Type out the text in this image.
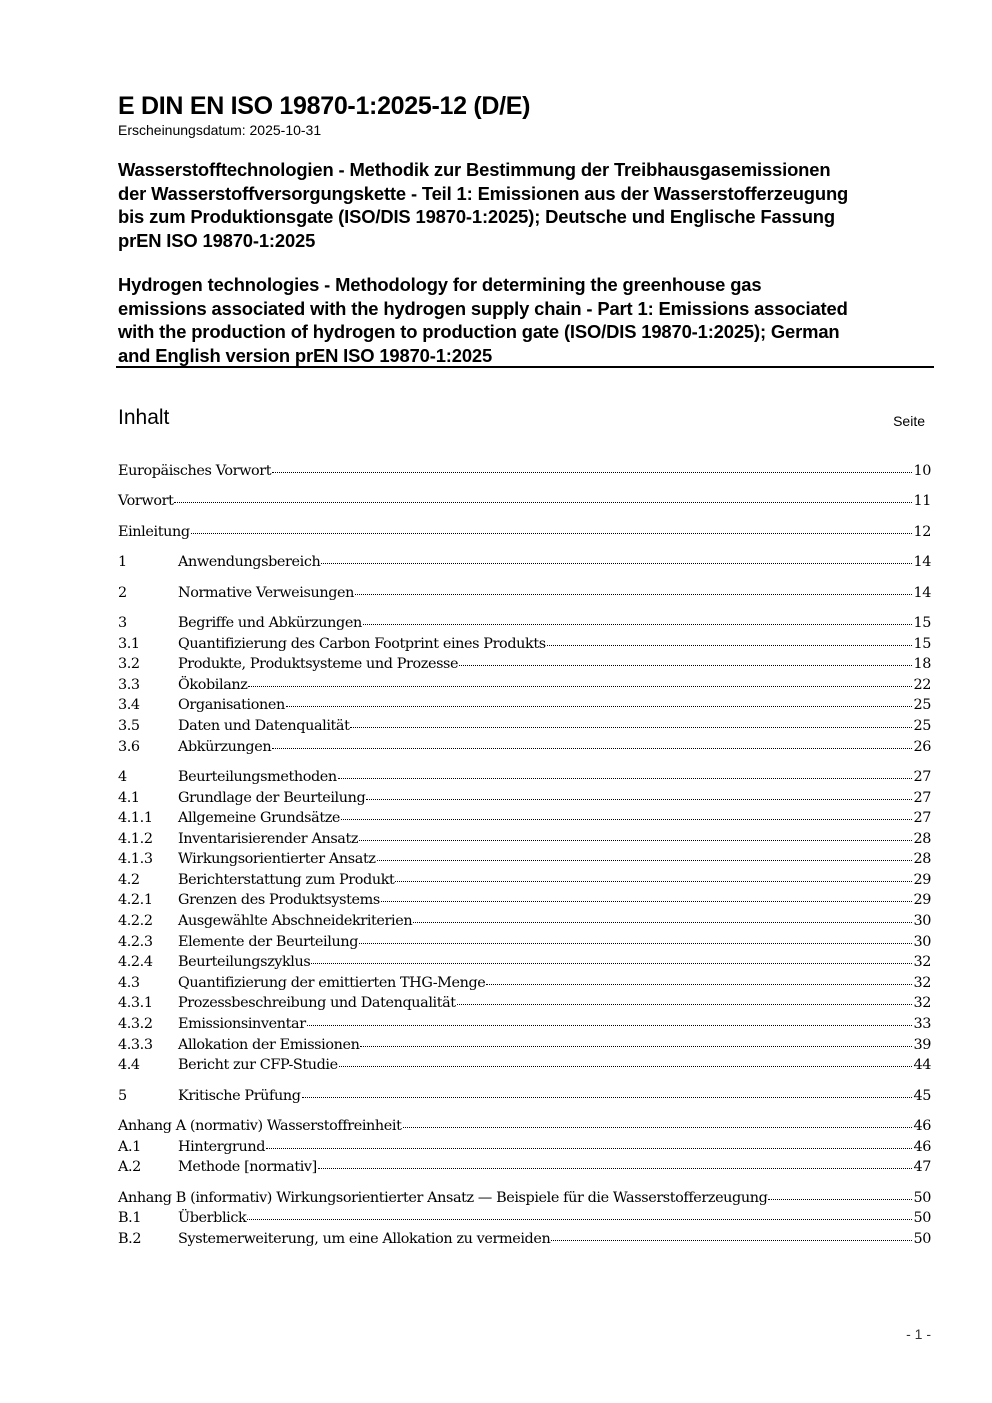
E DIN EN ISO 19870-1:2025-12 (D/E)
Erscheinungsdatum: 2025-10-31
Wasserstofftechnologien - Methodik zur Bestimmung der Treibhausgasemissionen
der Wasserstoffversorgungskette - Teil 1: Emissionen aus der Wasserstofferzeugung
bis zum Produktionsgate (ISO/DIS 19870-1:2025); Deutsche und Englische Fassung
prEN ISO 19870-1:2025
Hydrogen technologies - Methodology for determining the greenhouse gas
emissions associated with the hydrogen supply chain - Part 1: Emissions associated
with the production of hydrogen to production gate (ISO/DIS 19870-1:2025); German
and English version prEN ISO 19870-1:2025
Inhalt	Seite
Europäisches Vorwort	10
Vorwort	11
Einleitung	12
1	Anwendungsbereich	14
2	Normative Verweisungen	14
3	Begriffe und Abkürzungen	15
3.1	Quantifizierung des Carbon Footprint eines Produkts	15
3.2	Produkte, Produktsysteme und Prozesse	18
3.3	Ökobilanz	22
3.4	Organisationen	25
3.5	Daten und Datenqualität	25
3.6	Abkürzungen	26
4	Beurteilungsmethoden	27
4.1	Grundlage der Beurteilung	27
4.1.1	Allgemeine Grundsätze	27
4.1.2	Inventarisierender Ansatz	28
4.1.3	Wirkungsorientierter Ansatz	28
4.2	Berichterstattung zum Produkt	29
4.2.1	Grenzen des Produktsystems	29
4.2.2	Ausgewählte Abschneidekriterien	30
4.2.3	Elemente der Beurteilung	30
4.2.4	Beurteilungszyklus	32
4.3	Quantifizierung der emittierten THG-Menge	32
4.3.1	Prozessbeschreibung und Datenqualität	32
4.3.2	Emissionsinventar	33
4.3.3	Allokation der Emissionen	39
4.4	Bericht zur CFP-Studie	44
5	Kritische Prüfung	45
Anhang A (normativ) Wasserstoffreinheit	46
A.1	Hintergrund	46
A.2	Methode [normativ]	47
Anhang B (informativ) Wirkungsorientierter Ansatz — Beispiele für die Wasserstofferzeugung	50
B.1	Überblick	50
B.2	Systemerweiterung, um eine Allokation zu vermeiden	50
- 1 -
